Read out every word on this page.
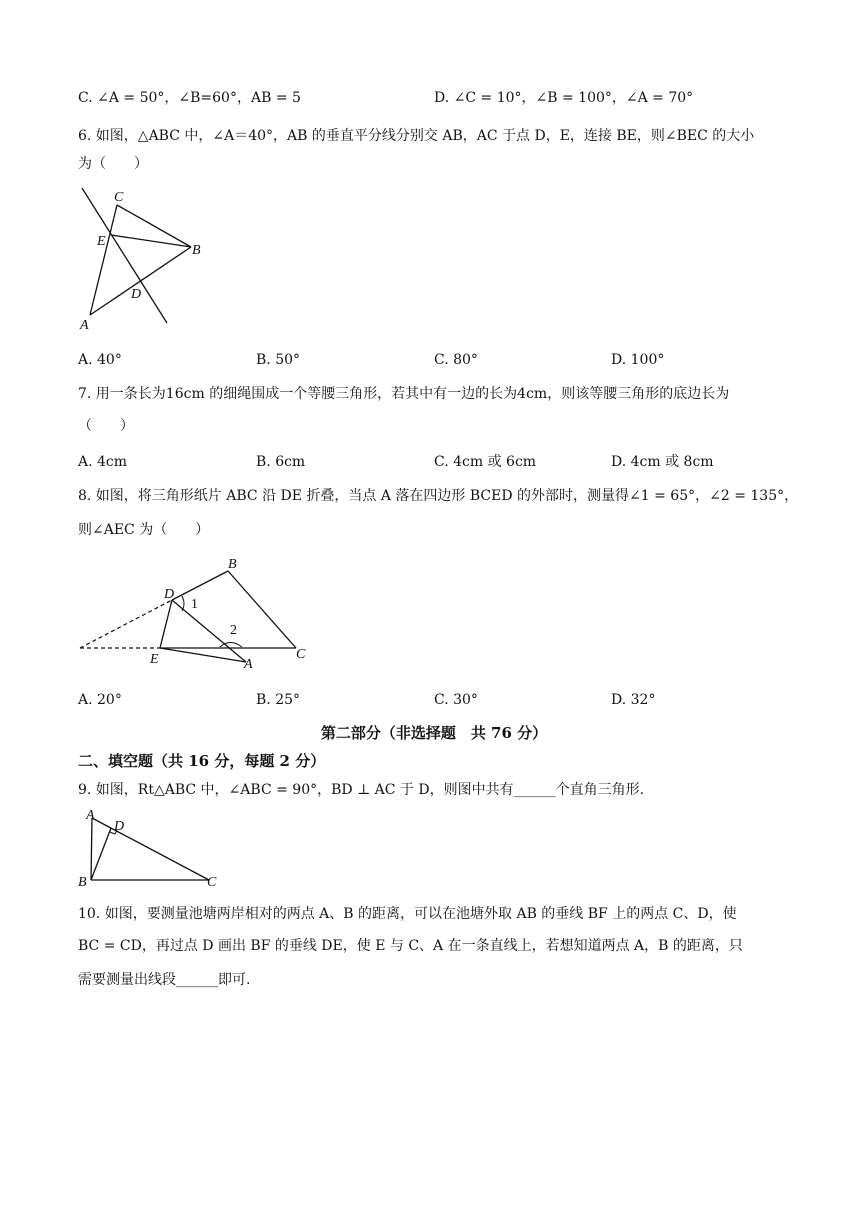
C. ∠A = 50°，∠B=60°，AB = 5	D. ∠C = 10°，∠B = 100°，∠A = 70°
6. 如图，△ABC 中，∠A＝40°，AB 的垂直平分线分别交 AB，AC 于点 D，E，连接 BE，则∠BEC 的大小
为（　　）
C
E
B
D
A
A. 40°	B. 50°	C. 80°	D. 100°
7. 用一条长为16cm 的细绳围成一个等腰三角形，若其中有一边的长为4cm，则该等腰三角形的底边长为
（　　）
A. 4cm	B. 6cm	C. 4cm 或 6cm	D. 4cm 或 8cm
8. 如图，将三角形纸片 ABC 沿 DE 折叠，当点 A 落在四边形 BCED 的外部时，测量得∠1 = 65°，∠2 = 135°，
则∠AEC 为（　　）
B
D
1
2
E	A
C
A. 20°	B. 25°	C. 30°	D. 32°
第二部分（非选择题　共 76 分）
二、填空题（共 16 分，每题 2 分）
9. 如图，Rt△ABC 中，∠ABC = 90°，BD ⊥ AC 于 D，则图中共有______个直角三角形.
A
D
B	C
10. 如图，要测量池塘两岸相对的两点 A、B 的距离，可以在池塘外取 AB 的垂线 BF 上的两点 C、D，使
BC = CD，再过点 D 画出 BF 的垂线 DE，使 E 与 C、A 在一条直线上，若想知道两点 A，B 的距离，只
需要测量出线段______即可.
